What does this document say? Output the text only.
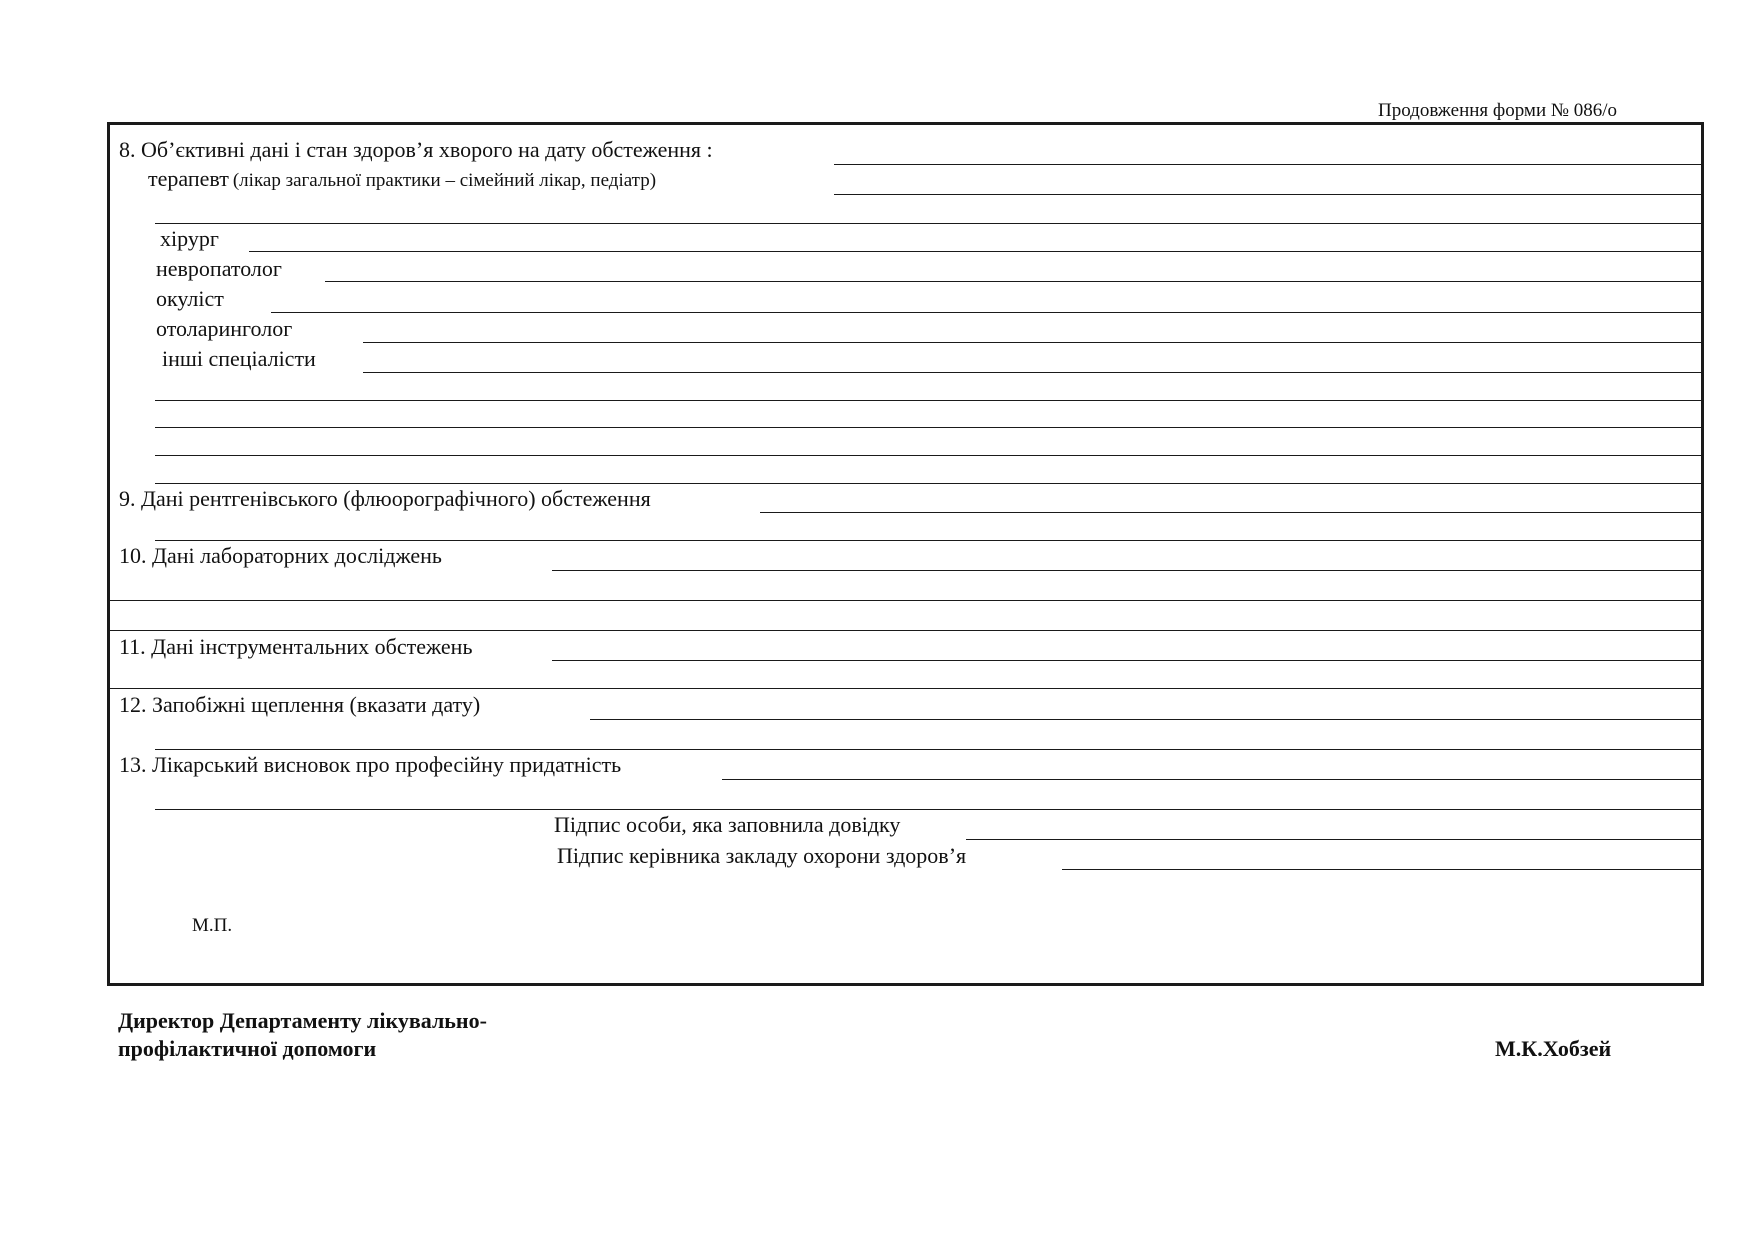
Продовження форми № 086/о
8. Об’єктивні дані і стан здоров’я хворого на дату обстеження :
терапевт (лікар загальної практики – сімейний лікар, педіатр)
хірург
невропатолог
окуліст
отоларинголог
інші спеціалісти
9. Дані рентгенівського (флюорографічного) обстеження
10. Дані лабораторних досліджень
11. Дані інструментальних обстежень
12. Запобіжні щеплення (вказати дату)
13. Лікарський висновок про професійну придатність
Підпис особи, яка заповнила довідку
Підпис керівника закладу охорони здоров’я
М.П.
Директор Департаменту лікувально-
профілактичної допомоги	М.К.Хобзей
